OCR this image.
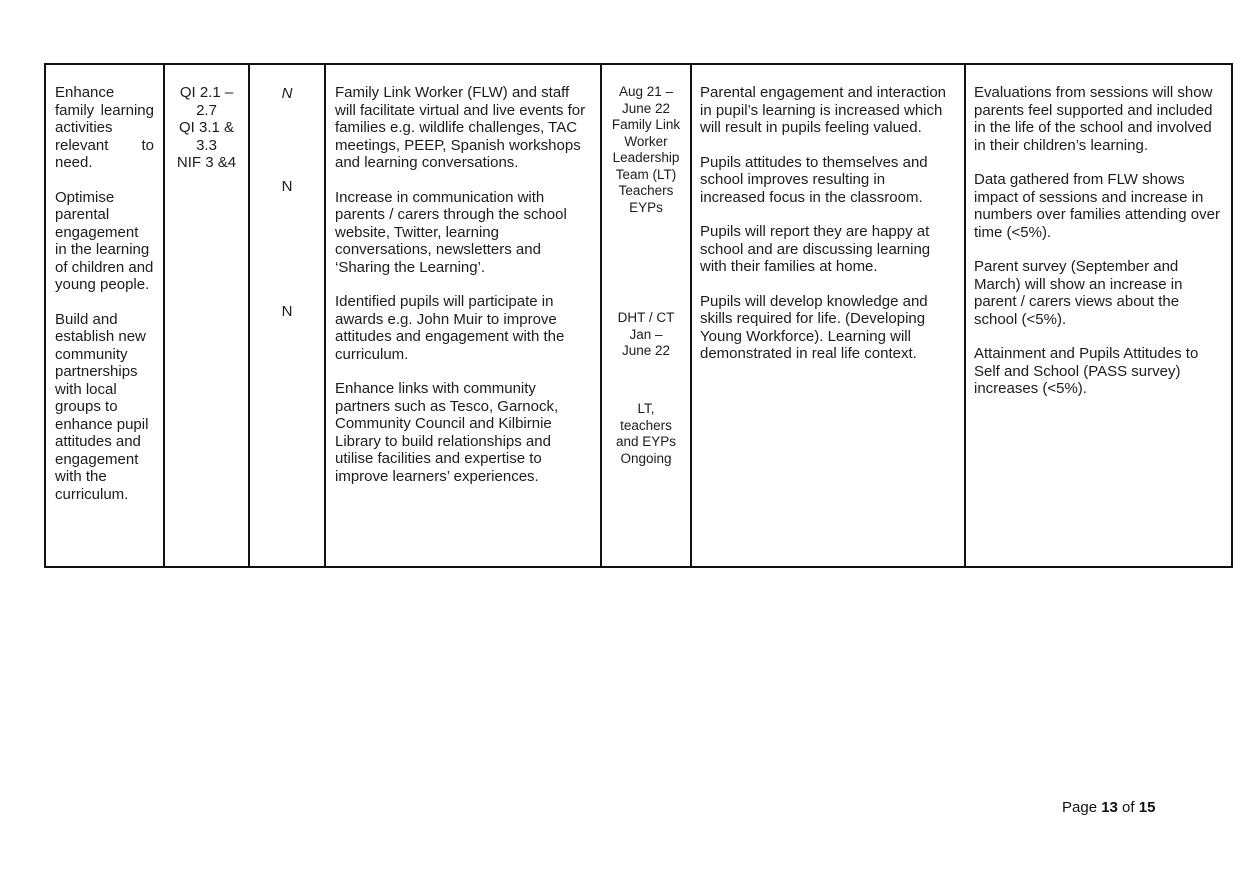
Enhance family learning activities relevant to need.
Optimise parental engagement in the learning of children and young people.
Build and establish new community partnerships with local groups to enhance pupil attitudes and engagement with the curriculum.
QI 2.1 –
2.7
QI 3.1 &
3.3
NIF 3 &4
N
N
N
Family Link Worker (FLW) and staff will facilitate virtual and live events for families e.g. wildlife challenges, TAC meetings, PEEP, Spanish workshops and learning conversations.
Increase in communication with parents / carers through the school website, Twitter, learning conversations, newsletters and ‘Sharing the Learning’.
Identified pupils will participate in awards e.g. John Muir to improve attitudes and engagement with the curriculum.
Enhance links with community partners such as Tesco, Garnock, Community Council and Kilbirnie Library to build relationships and utilise facilities and expertise to improve learners’ experiences.
Aug 21 –
June 22
Family Link
Worker
Leadership
Team (LT)
Teachers
EYPs
DHT / CT
Jan –
June 22
LT,
teachers
and EYPs
Ongoing
Parental engagement and interaction in pupil’s learning is increased which will result in pupils feeling valued.
Pupils attitudes to themselves and school improves resulting in increased focus in the classroom.
Pupils will report they are happy at school and are discussing learning with their families at home.
Pupils will develop knowledge and skills required for life. (Developing Young Workforce). Learning will demonstrated in real life context.
Evaluations from sessions will show parents feel supported and included in the life of the school and involved in their children’s learning.
Data gathered from FLW shows impact of sessions and increase in numbers over families attending over time (<5%).
Parent survey (September and March) will show an increase in parent / carers views about the school (<5%).
Attainment and Pupils Attitudes to Self and School (PASS survey) increases (<5%).
Page 13 of 15
